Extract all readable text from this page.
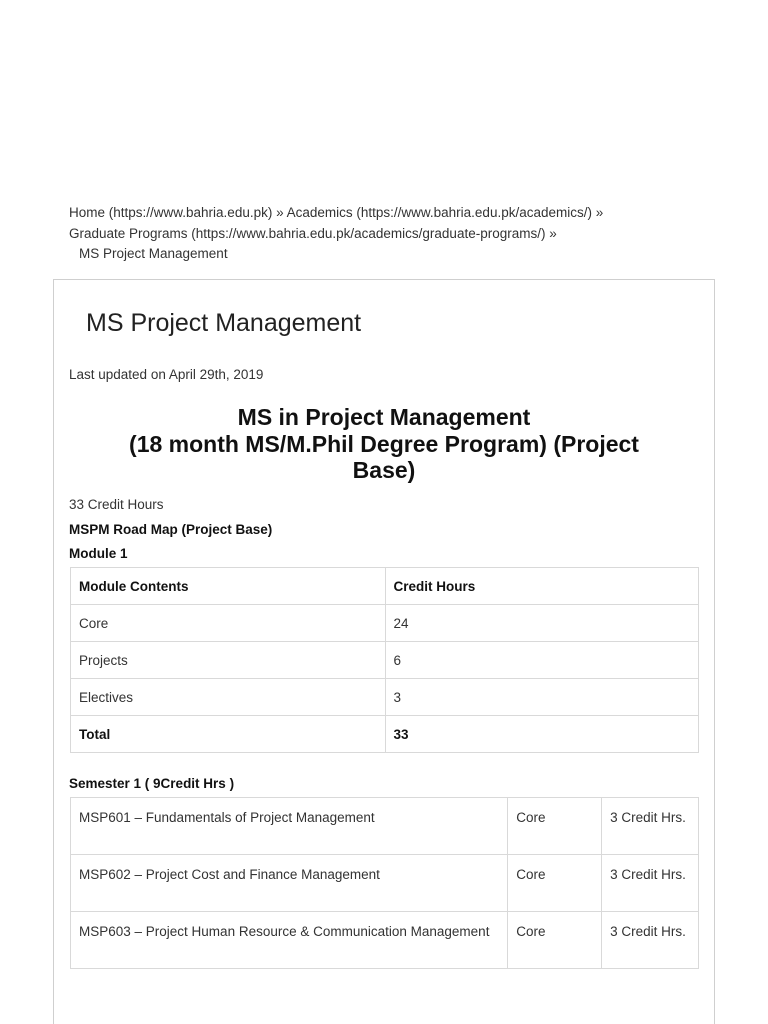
Home (https://www.bahria.edu.pk) » Academics (https://www.bahria.edu.pk/academics/) »
Graduate Programs (https://www.bahria.edu.pk/academics/graduate-programs/) »
MS Project Management
MS Project Management
Last updated on April 29th, 2019
MS in Project Management
(18 month MS/M.Phil Degree Program) (Project
Base)
33 Credit Hours
MSPM Road Map (Project Base)
Module 1
Module Contents	Credit Hours
Core	24
Projects	6
Electives	3
Total	33
Semester 1 ( 9Credit Hrs )
MSP601 – Fundamentals of Project Management	Core	3 Credit Hrs.
MSP602 – Project Cost and Finance Management	Core	3 Credit Hrs.
MSP603 – Project Human Resource & Communication Management	Core	3 Credit Hrs.
